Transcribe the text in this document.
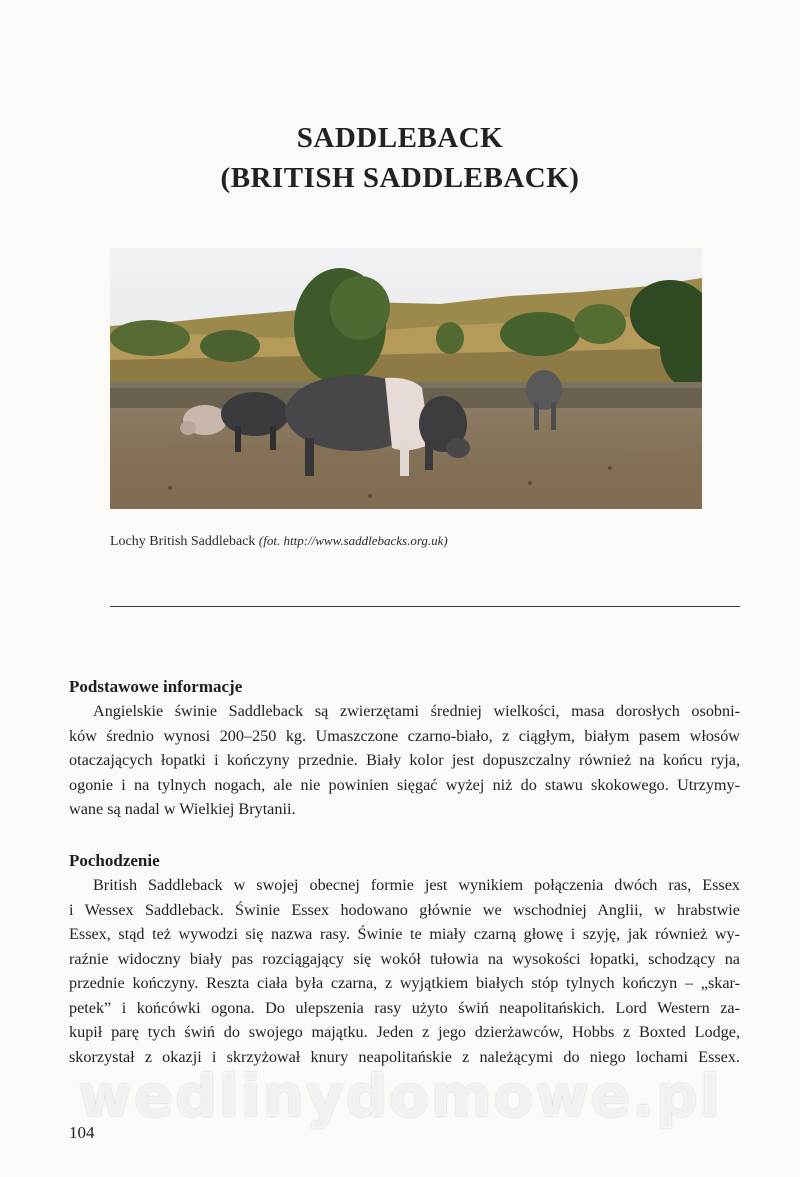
SADDLEBACK
(BRITISH SADDLEBACK)
Lochy British Saddleback (fot. http://www.saddlebacks.org.uk)
Podstawowe informacje
Angielskie świnie Saddleback są zwierzętami średniej wielkości, masa dorosłych osobni-
ków średnio wynosi 200–250 kg. Umaszczone czarno-biało, z ciągłym, białym pasem włosów
otaczających łopatki i kończyny przednie. Biały kolor jest dopuszczalny również na końcu ryja,
ogonie i na tylnych nogach, ale nie powinien sięgać wyżej niż do stawu skokowego. Utrzymy-
wane są nadal w Wielkiej Brytanii.
Pochodzenie
British Saddleback w swojej obecnej formie jest wynikiem połączenia dwóch ras, Essex
i Wessex Saddleback. Świnie Essex hodowano głównie we wschodniej Anglii, w hrabstwie
Essex, stąd też wywodzi się nazwa rasy. Świnie te miały czarną głowę i szyję, jak również wy-
raźnie widoczny biały pas rozciągający się wokół tułowia na wysokości łopatki, schodzący na
przednie kończyny. Reszta ciała była czarna, z wyjątkiem białych stóp tylnych kończyn – „skar-
petek” i końcówki ogona. Do ulepszenia rasy użyto świń neapolitańskich. Lord Western za-
kupił parę tych świń do swojego majątku. Jeden z jego dzierżawców, Hobbs z Boxted Lodge,
skorzystał z okazji i skrzyżował knury neapolitańskie z należącymi do niego lochami Essex.
wedlinydomowe.pl
104
